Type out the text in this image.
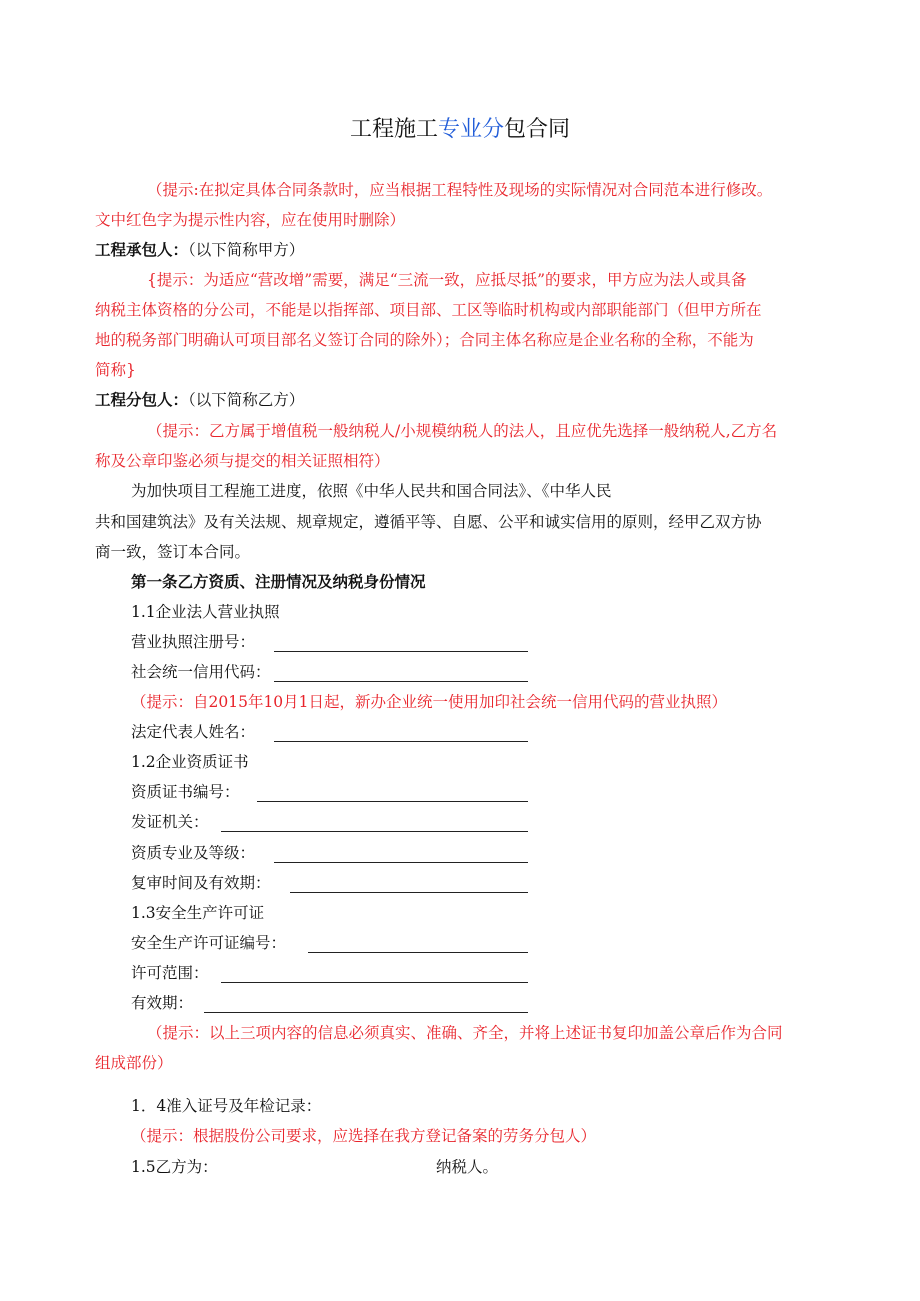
工程施工专业分包合同
（提示:在拟定具体合同条款时，应当根据工程特性及现场的实际情况对合同范本进行修改。
文中红色字为提示性内容，应在使用时删除）
工程承包人：（以下简称甲方）
{提示：为适应“营改增”需要，满足“三流一致，应抵尽抵”的要求，甲方应为法人或具备
纳税主体资格的分公司，不能是以指挥部、项目部、工区等临时机构或内部职能部门（但甲方所在
地的税务部门明确认可项目部名义签订合同的除外）；合同主体名称应是企业名称的全称，不能为
简称}
工程分包人：（以下简称乙方）
（提示：乙方属于增值税一般纳税人/小规模纳税人的法人，且应优先选择一般纳税人,乙方名
称及公章印鉴必须与提交的相关证照相符）
为加快项目工程施工进度，依照《中华人民共和国合同法》、《中华人民
共和国建筑法》及有关法规、规章规定，遵循平等、自愿、公平和诚实信用的原则，经甲乙双方协
商一致，签订本合同。
第一条乙方资质、注册情况及纳税身份情况
1.1企业法人营业执照
营业执照注册号：
社会统一信用代码：
（提示：自2015年10月1日起，新办企业统一使用加印社会统一信用代码的营业执照）
法定代表人姓名：
1.2企业资质证书
资质证书编号：
发证机关：
资质专业及等级：
复审时间及有效期：
1.3安全生产许可证
安全生产许可证编号：
许可范围：
有效期：
（提示：以上三项内容的信息必须真实、准确、齐全，并将上述证书复印加盖公章后作为合同
组成部份）
1．4准入证号及年检记录：
（提示：根据股份公司要求，应选择在我方登记备案的劳务分包人）
1.5乙方为：	纳税人。
